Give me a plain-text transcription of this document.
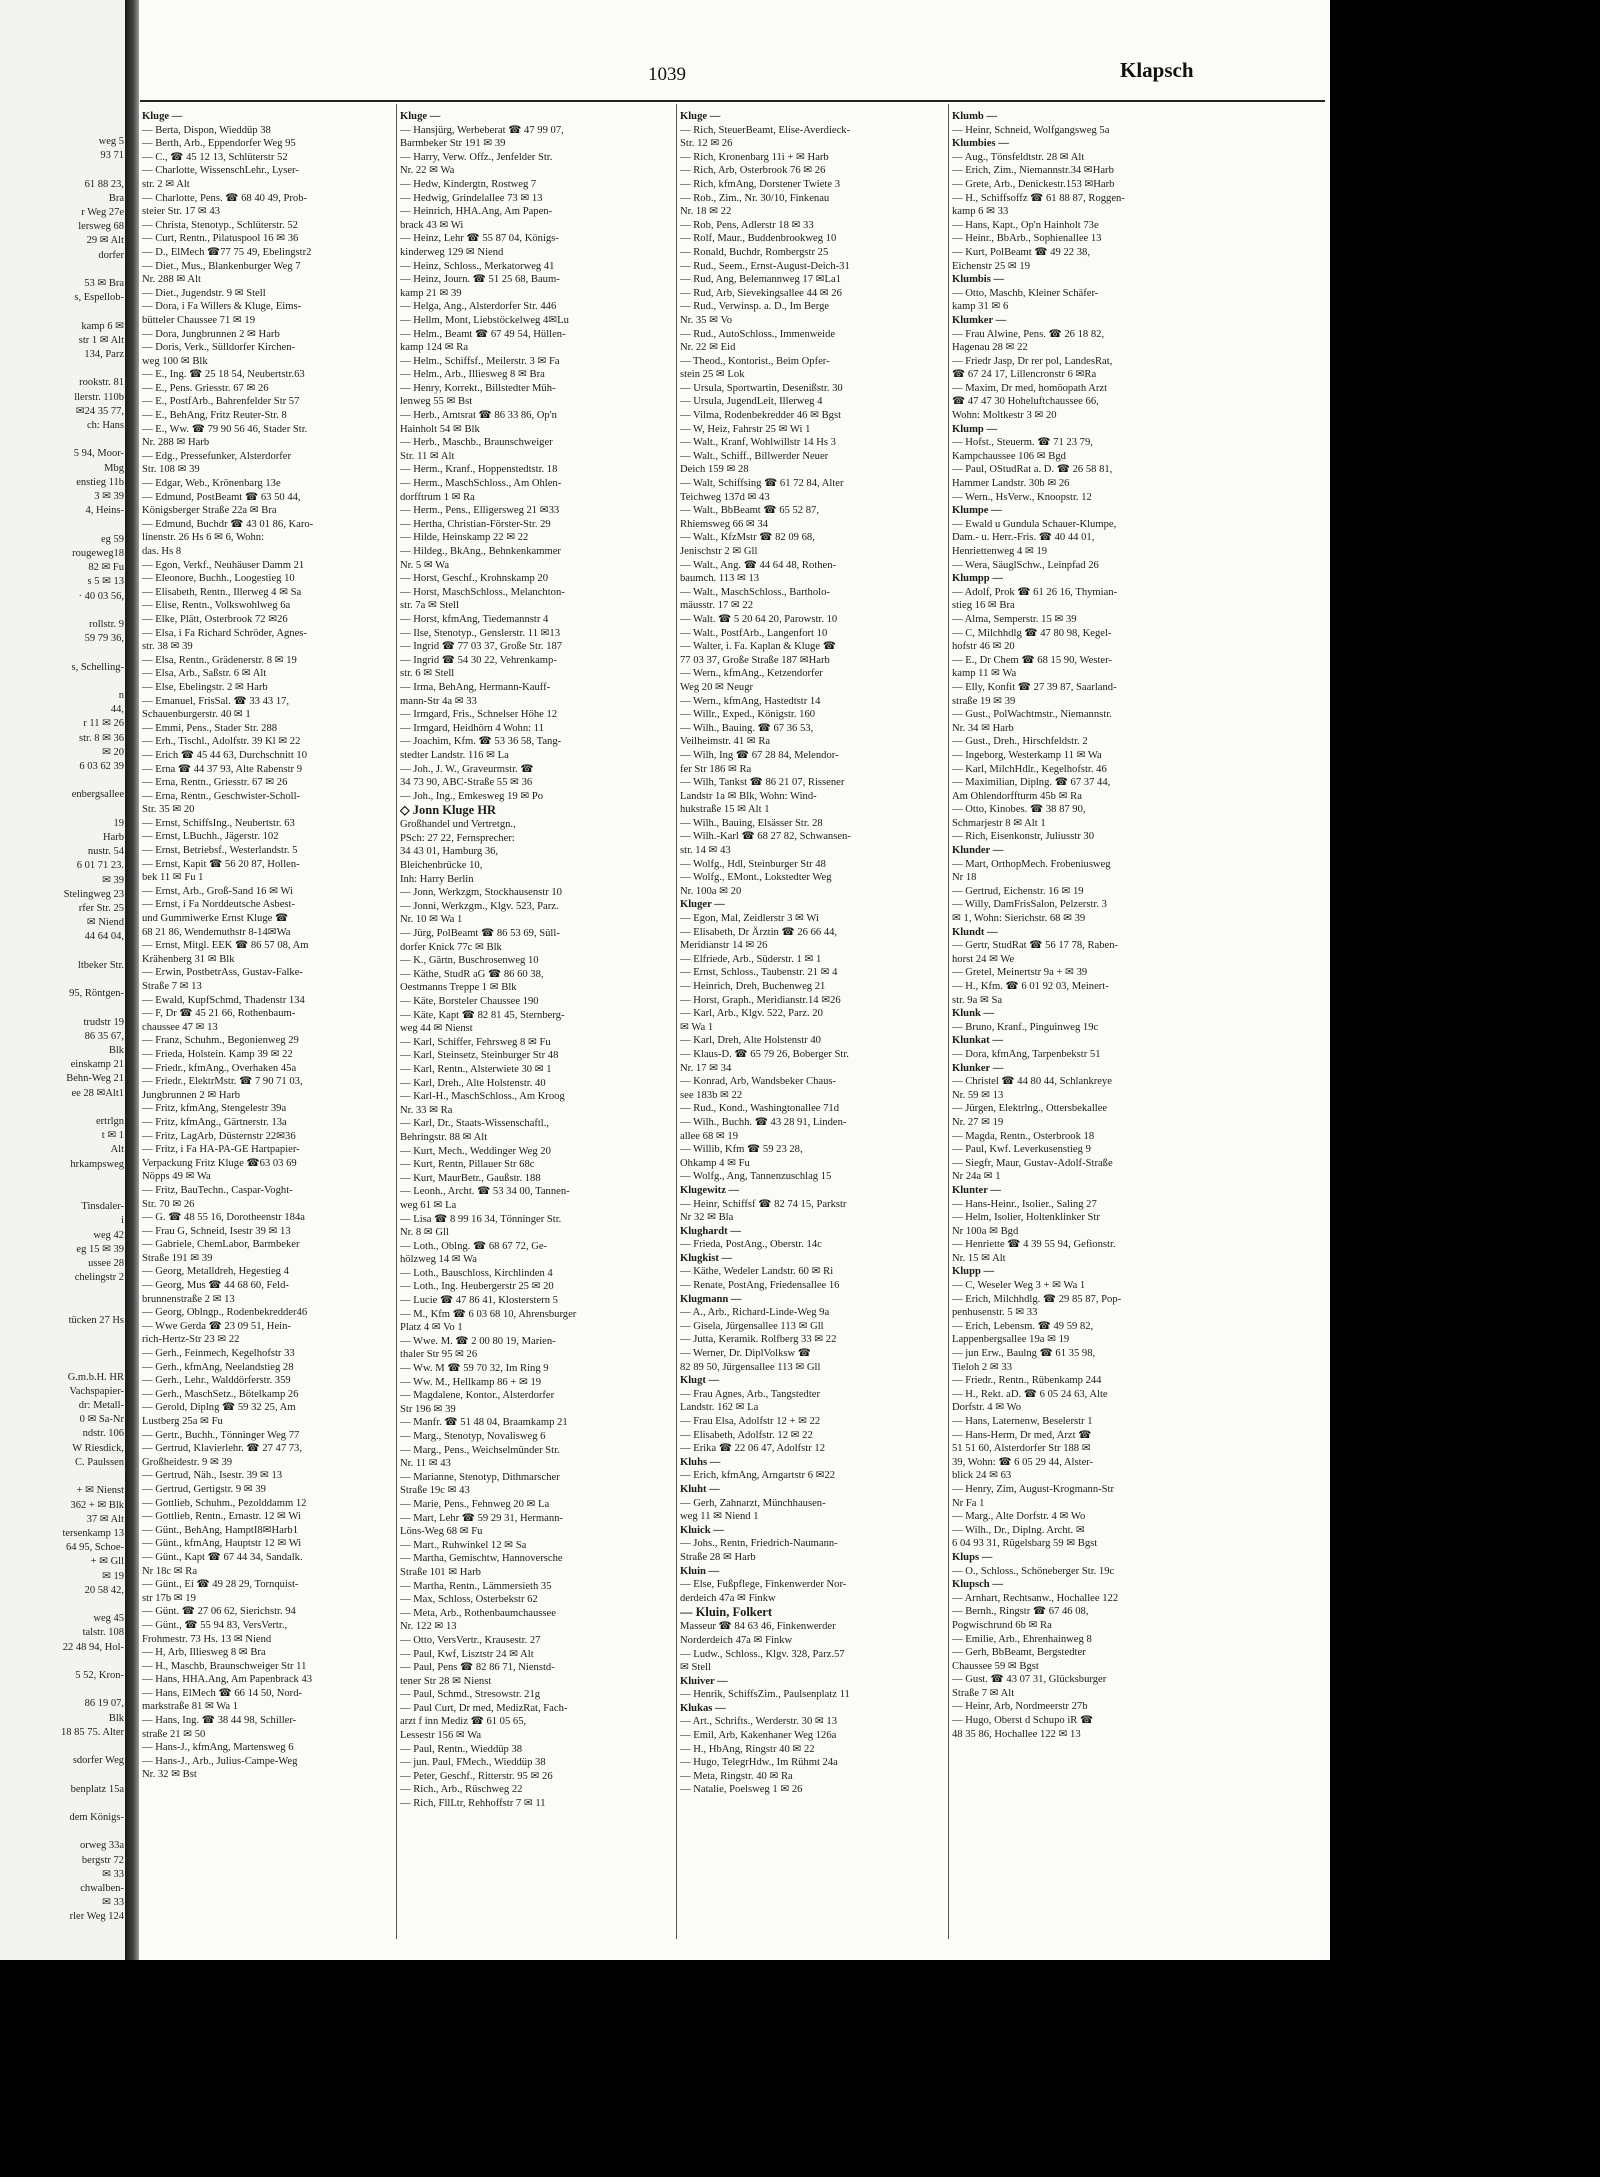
weg 5
93 71

61 88 23,
Bra
r Weg 27e
lersweg 68
29 ✉ Alt
dorfer

53 ✉ Bra
s, Espellob-

kamp 6 ✉
str 1 ✉ Alt
134, Parz

rookstr. 81
llerstr. 110b
✉24 35 77,
ch: Hans

5 94, Moor-
Mbg
enstieg 11b
3 ✉ 39
4, Heins-

eg 59
rougeweg18
82 ✉ Fu
s 5 ✉ 13
· 40 03 56,

rollstr. 9
59 79 36,

s, Schelling-

n
44,
r 11 ✉ 26
str. 8 ✉ 36
✉ 20
6 03 62 39

enbergsallee

19
Harb
nustr. 54
6 01 71 23.
✉ 39
Stelingweg 23
rfer Str. 25
✉ Niend
44 64 04,

ltbeker Str.

95, Röntgen-

trudstr 19
86 35 67,
Blk
einskamp 21
Behn-Weg 21
ee 28 ✉Alt1

ertrlgn
t ✉ 1
Alt
hrkampsweg

Tinsdaler-
i
weg 42
eg 15 ✉ 39
ussee 28
chelingstr 2

tücken 27 Hs

G.m.b.H. HR
Vachspapier-
dr: Metall-
0 ✉ Sa-Nr
ndstr. 106
W Riesdick,
C. Paulssen

+ ✉ Nienst
362 + ✉ Blk
37 ✉ Alt
tersenkamp 13
64 95, Schoe-
+ ✉ Gll
✉ 19
20 58 42,

weg 45
talstr. 108
22 48 94, Hol-

5 52, Kron-

86 19 07,
Blk
18 85 75. Alter

sdorfer Weg

benplatz 15a

dem Königs-

orweg 33a
bergstr 72
✉ 33
chwalben-
✉ 33
rler Weg 124
1039	Klapsch
Kluge —
— Berta, Dispon, Wieddüp 38
— Berth, Arb., Eppendorfer Weg 95
— C., ☎ 45 12 13, Schlüterstr 52
— Charlotte, WissenschLehr., Lyser-
str. 2 ✉ Alt
— Charlotte, Pens. ☎ 68 40 49, Prob-
steier Str. 17 ✉ 43
— Christa, Stenotyp., Schlüterstr. 52
— Curt, Rentn., Pilatuspool 16 ✉ 36
— D., ElMech ☎77 75 49, Ebelingstr2
— Diet., Mus., Blankenburger Weg 7
Nr. 288 ✉ Alt
— Diet., Jugendstr. 9 ✉ Stell
— Dora, i Fa Willers & Kluge, Eims-
bütteler Chaussee 71 ✉ 19
— Dora, Jungbrunnen 2 ✉ Harb
— Doris, Verk., Sülldorfer Kirchen-
weg 100 ✉ Blk
— E., Ing. ☎ 25 18 54, Neubertstr.63
— E., Pens. Griesstr. 67 ✉ 26
— E., PostfArb., Bahrenfelder Str 57
— E., BehAng, Fritz Reuter-Str. 8
— E., Ww. ☎ 79 90 56 46, Stader Str.
Nr. 288 ✉ Harb
— Edg., Pressefunker, Alsterdorfer
Str. 108 ✉ 39
— Edgar, Web., Krönenbarg 13e
— Edmund, PostBeamt ☎ 63 50 44,
Königsberger Straße 22a ✉ Bra
— Edmund, Buchdr ☎ 43 01 86, Karo-
linenstr. 26 Hs 6 ✉ 6, Wohn:
das. Hs 8
— Egon, Verkf., Neuhäuser Damm 21
— Eleonore, Buchh., Loogestieg 10
— Elisabeth, Rentn., Illerweg 4 ✉ Sa
— Elise, Rentn., Volkswohlweg 6a
— Elke, Plätt, Osterbrook 72 ✉26
— Elsa, i Fa Richard Schröder, Agnes-
str. 38 ✉ 39
— Elsa, Rentn., Grädenerstr. 8 ✉ 19
— Elsa, Arb., Saßstr. 6 ✉ Alt
— Else, Ebelingstr. 2 ✉ Harb
— Emanuel, FrisSal. ☎ 33 43 17,
Schauenburgerstr. 40 ✉ 1
— Emmi, Pens., Stader Str. 288
— Erh., Tischl., Adolfstr. 39 Kl ✉ 22
— Erich ☎ 45 44 63, Durchschnitt 10
— Erna ☎ 44 37 93, Alte Rabenstr 9
— Erna, Rentn., Griesstr. 67 ✉ 26
— Erna, Rentn., Geschwister-Scholl-
Str. 35 ✉ 20
— Ernst, SchiffsIng., Neubertstr. 63
— Ernst, LBuchh., Jägerstr. 102
— Ernst, Betriebsf., Westerlandstr. 5
— Ernst, Kapit ☎ 56 20 87, Hollen-
bek 11 ✉ Fu 1
— Ernst, Arb., Groß-Sand 16 ✉ Wi
— Ernst, i Fa Norddeutsche Asbest-
und Gummiwerke Ernst Kluge ☎
68 21 86, Wendemuthstr 8-14✉Wa
— Ernst, Mitgl. EEK ☎ 86 57 08, Am
Krähenberg 31 ✉ Blk
— Erwin, PostbetrAss, Gustav-Falke-
Straße 7 ✉ 13
— Ewald, KupfSchmd, Thadenstr 134
— F, Dr ☎ 45 21 66, Rothenbaum-
chaussee 47 ✉ 13
— Franz, Schuhm., Begonienweg 29
— Frieda, Holstein. Kamp 39 ✉ 22
— Friedr., kfmAng., Overhaken 45a
— Friedr., ElektrMstr. ☎ 7 90 71 03,
Jungbrunnen 2 ✉ Harb
— Fritz, kfmAng, Stengelestr 39a
— Fritz, kfmAng., Gärtnerstr. 13a
— Fritz, LagArb, Düsternstr 22✉36
— Fritz, i Fa HA-PA-GE Hartpapier-
Verpackung Fritz Kluge ☎63 03 69
Nöpps 49 ✉ Wa
— Fritz, BauTechn., Caspar-Voght-
Str. 70 ✉ 26
— G. ☎ 48 55 16, Dorotheenstr 184a
— Frau G, Schneid, Isestr 39 ✉ 13
— Gabriele, ChemLabor, Barmbeker
Straße 191 ✉ 39
— Georg, Metalldreh, Hegestieg 4
— Georg, Mus ☎ 44 68 60, Feld-
brunnenstraße 2 ✉ 13
— Georg, Oblngp., Rodenbekredder46
— Wwe Gerda ☎ 23 09 51, Hein-
rich-Hertz-Str 23 ✉ 22
— Gerh., Feinmech, Kegelhofstr 33
— Gerh., kfmAng, Neelandstieg 28
— Gerh., Lehr., Walddörferstr. 359
— Gerh., MaschSetz., Bötelkamp 26
— Gerold, Diplng ☎ 59 32 25, Am
Lustberg 25a ✉ Fu
— Gertr., Buchh., Tönninger Weg 77
— Gertrud, Klavierlehr. ☎ 27 47 73,
Großheidestr. 9 ✉ 39
— Gertrud, Näh., Isestr. 39 ✉ 13
— Gertrud, Gertigstr. 9 ✉ 39
— Gottlieb, Schuhm., Pezolddamm 12
— Gottlieb, Rentn., Ernastr. 12 ✉ Wi
— Günt., BehAng, HamptI8✉Harb1
— Günt., kfmAng, Hauptstr 12 ✉ Wi
— Günt., Kapt ☎ 67 44 34, Sandalk.
Nr 18c ✉ Ra
— Günt., Ei ☎ 49 28 29, Tornquist-
str 17b ✉ 19
— Günt. ☎ 27 06 62, Sierichstr. 94
— Günt., ☎ 55 94 83, VersVertr.,
Frohmestr. 73 Hs. 13 ✉ Niend
— H, Arb, Illiesweg 8 ✉ Bra
— H., Maschb, Braunschweiger Str 11
— Hans, HHA.Ang, Am Papenbrack 43
— Hans, ElMech ☎ 66 14 50, Nord-
markstraße 81 ✉ Wa 1
— Hans, Ing. ☎ 38 44 98, Schiller-
straße 21 ✉ 50
— Hans-J., kfmAng, Martensweg 6
— Hans-J., Arb., Julius-Campe-Weg
Nr. 32 ✉ Bst
Kluge —
— Hansjürg, Werbeberat ☎ 47 99 07,
Barmbeker Str 191 ✉ 39
— Harry, Verw. Offz., Jenfelder Str.
Nr. 22 ✉ Wa
— Hedw, Kindergtn, Rostweg 7
— Hedwig, Grindelallee 73 ✉ 13
— Heinrich, HHA.Ang, Am Papen-
brack 43 ✉ Wi
— Heinz, Lehr ☎ 55 87 04, Königs-
kinderweg 129 ✉ Niend
— Heinz, Schloss., Merkatorweg 41
— Heinz, Journ. ☎ 51 25 68, Baum-
kamp 21 ✉ 39
— Helga, Ang., Alsterdorfer Str. 446
— Hellm, Mont, Liebstöckelweg 4✉Lu
— Helm., Beamt ☎ 67 49 54, Hüllen-
kamp 124 ✉ Ra
— Helm., Schiffsf., Meilerstr. 3 ✉ Fa
— Helm., Arb., Illiesweg 8 ✉ Bra
— Henry, Korrekt., Billstedter Müh-
lenweg 55 ✉ Bst
— Herb., Amtsrat ☎ 86 33 86, Op'n
Hainholt 54 ✉ Blk
— Herb., Maschb., Braunschweiger
Str. 11 ✉ Alt
— Herm., Kranf., Hoppenstedtstr. 18
— Herm., MaschSchloss., Am Ohlen-
dorfftrum 1 ✉ Ra
— Herm., Pens., Elligersweg 21 ✉33
— Hertha, Christian-Förster-Str. 29
— Hilde, Heinskamp 22 ✉ 22
— Hildeg., BkAng., Behnkenkammer
Nr. 5 ✉ Wa
— Horst, Geschf., Krohnskamp 20
— Horst, MaschSchloss., Melanchton-
str. 7a ✉ Stell
— Horst, kfmAng, Tiedemannstr 4
— Ilse, Stenotyp., Genslerstr. 11 ✉13
— Ingrid ☎ 77 03 37, Große Str. 187
— Ingrid ☎ 54 30 22, Vehrenkamp-
str. 6 ✉ Stell
— Irma, BehAng, Hermann-Kauff-
mann-Str 4a ✉ 33
— Irmgard, Fris., Schnelser Höhe 12
— Irmgard, Heidhörn 4 Wohn: 11
— Joachim, Kfm. ☎ 53 36 58, Tang-
stedter Landstr. 116 ✉ La
— Joh., J. W., Graveurmstr. ☎
34 73 90, ABC-Straße 55 ✉ 36
— Joh., Ing., Emkesweg 19 ✉ Po
◇ Jonn Kluge HR
Großhandel und Vertretgn.,
PSch: 27 22, Fernsprecher:
34 43 01, Hamburg 36,
Bleichenbrücke 10,
Inh: Harry Berlin
— Jonn, Werkzgm, Stockhausenstr 10
— Jonni, Werkzgm., Klgv. 523, Parz.
Nr. 10 ✉ Wa 1
— Jürg, PolBeamt ☎ 86 53 69, Süll-
dorfer Knick 77c ✉ Blk
— K., Gärtn, Buschrosenweg 10
— Käthe, StudR aG ☎ 86 60 38,
Oestmanns Treppe 1 ✉ Blk
— Käte, Borsteler Chaussee 190
— Käte, Kapt ☎ 82 81 45, Sternberg-
weg 44 ✉ Nienst
— Karl, Schiffer, Fehrsweg 8 ✉ Fu
— Karl, Steinsetz, Steinburger Str 48
— Karl, Rentn., Alsterwiete 30 ✉ 1
— Karl, Dreh., Alte Holstenstr. 40
— Karl-H., MaschSchloss., Am Kroog
Nr. 33 ✉ Ra
— Karl, Dr., Staats-Wissenschaftl.,
Behringstr. 88 ✉ Alt
— Kurt, Mech., Weddinger Weg 20
— Kurt, Rentn, Pillauer Str 68c
— Kurt, MaurBetr., Gaußstr. 188
— Leonh., Archt. ☎ 53 34 00, Tannen-
weg 61 ✉ La
— Lisa ☎ 8 99 16 34, Tönninger Str.
Nr. 8 ✉ Gll
— Loth., Oblng. ☎ 68 67 72, Ge-
hölzweg 14 ✉ Wa
— Loth., Bauschloss, Kirchlinden 4
— Loth., Ing. Heubergerstr 25 ✉ 20
— Lucie ☎ 47 86 41, Klosterstern 5
— M., Kfm ☎ 6 03 68 10, Ahrensburger
Platz 4 ✉ Vo 1
— Wwe. M. ☎ 2 00 80 19, Marien-
thaler Str 95 ✉ 26
— Ww. M ☎ 59 70 32, Im Ring 9
— Ww. M., Hellkamp 86 + ✉ 19
— Magdalene, Kontor., Alsterdorfer
Str 196 ✉ 39
— Manfr. ☎ 51 48 04, Braamkamp 21
— Marg., Stenotyp, Novalisweg 6
— Marg., Pens., Weichselmünder Str.
Nr. 11 ✉ 43
— Marianne, Stenotyp, Dithmarscher
Straße 19c ✉ 43
— Marie, Pens., Fehnweg 20 ✉ La
— Mart, Lehr ☎ 59 29 31, Hermann-
Löns-Weg 68 ✉ Fu
— Mart., Ruhwinkel 12 ✉ Sa
— Martha, Gemischtw, Hannoversche
Straße 101 ✉ Harb
— Martha, Rentn., Lämmersieth 35
— Max, Schloss, Osterbekstr 62
— Meta, Arb., Rothenbaumchaussee
Nr. 122 ✉ 13
— Otto, VersVertr., Krausestr. 27
— Paul, Kwf, Lisztstr 24 ✉ Alt
— Paul, Pens ☎ 82 86 71, Nienstd-
tener Str 28 ✉ Nienst
— Paul, Schmd., Stresowstr. 21g
— Paul Curt, Dr med, MedizRat, Fach-
arzt f inn Mediz ☎ 61 05 65,
Lessestr 156 ✉ Wa
— Paul, Rentn., Wieddüp 38
— jun. Paul, FMech., Wieddüp 38
— Peter, Geschf., Ritterstr. 95 ✉ 26
— Rich., Arb., Rüschweg 22
— Rich, FllLtr, Rehhoffstr 7 ✉ 11
Kluge —
— Rich, SteuerBeamt, Elise-Averdieck-
Str. 12 ✉ 26
— Rich, Kronenbarg 11i + ✉ Harb
— Rich, Arb, Osterbrook 76 ✉ 26
— Rich, kfmAng, Dorstener Twiete 3
— Rob., Zim., Nr. 30/10, Finkenau
Nr. 18 ✉ 22
— Rob, Pens, Adlerstr 18 ✉ 33
— Rolf, Maur., Buddenbrookweg 10
— Ronald, Buchdr, Rombergstr 25
— Rud., Seem., Ernst-August-Deich-31
— Rud, Ang, Belemannweg 17 ✉La1
— Rud, Arb, Sievekingsallee 44 ✉ 26
— Rud., Verwinsp. a. D., Im Berge
Nr. 35 ✉ Vo
— Rud., AutoSchloss., Immenweide
Nr. 22 ✉ Eid
— Theod., Kontorist., Beim Opfer-
stein 25 ✉ Lok
— Ursula, Sportwartin, Desenißstr. 30
— Ursula, JugendLeit, Illerweg 4
— Vilma, Rodenbekredder 46 ✉ Bgst
— W, Heiz, Fahrstr 25 ✉ Wi 1
— Walt., Kranf, Wohlwillstr 14 Hs 3
— Walt., Schiff., Billwerder Neuer
Deich 159 ✉ 28
— Walt, Schiffsing ☎ 61 72 84, Alter
Teichweg 137d ✉ 43
— Walt., BbBeamt ☎ 65 52 87,
Rhiemsweg 66 ✉ 34
— Walt., KfzMstr ☎ 82 09 68,
Jenischstr 2 ✉ Gll
— Walt., Ang. ☎ 44 64 48, Rothen-
baumch. 113 ✉ 13
— Walt., MaschSchloss., Bartholo-
mäusstr. 17 ✉ 22
— Walt. ☎ 5 20 64 20, Parowstr. 10
— Walt., PostfArb., Langenfort 10
— Walter, i. Fa. Kaplan & Kluge ☎
77 03 37, Große Straße 187 ✉Harb
— Wern., kfmAng., Ketzendorfer
Weg 20 ✉ Neugr
— Wern., kfmAng, Hastedtstr 14
— Willr., Exped., Königstr. 160
— Wilh., Bauing. ☎ 67 36 53,
Veilheimstr. 41 ✉ Ra
— Wilh, Ing ☎ 67 28 84, Melendor-
fer Str 186 ✉ Ra
— Wilh, Tankst ☎ 86 21 07, Rissener
Landstr 1a ✉ Blk, Wohn: Wind-
hukstraße 15 ✉ Alt 1
— Wilh., Bauing, Elsässer Str. 28
— Wilh.-Karl ☎ 68 27 82, Schwansen-
str. 14 ✉ 43
— Wolfg., Hdl, Steinburger Str 48
— Wolfg., EMont., Lokstedter Weg
Nr. 100a ✉ 20
Kluger —
— Egon, Mal, Zeidlerstr 3 ✉ Wi
— Elisabeth, Dr Ärztin ☎ 26 66 44,
Meridianstr 14 ✉ 26
— Elfriede, Arb., Süderstr. 1 ✉ 1
— Ernst, Schloss., Taubenstr. 21 ✉ 4
— Heinrich, Dreh, Buchenweg 21
— Horst, Graph., Meridianstr.14 ✉26
— Karl, Arb., Klgv. 522, Parz. 20
✉ Wa 1
— Karl, Dreh, Alte Holstenstr 40
— Klaus-D. ☎ 65 79 26, Boberger Str.
Nr. 17 ✉ 34
— Konrad, Arb, Wandsbeker Chaus-
see 183b ✉ 22
— Rud., Kond., Washingtonallee 71d
— Wilh., Buchh. ☎ 43 28 91, Linden-
allee 68 ✉ 19
— Willib, Kfm ☎ 59 23 28,
Ohkamp 4 ✉ Fu
— Wolfg., Ang, Tannenzuschlag 15
Klugewitz —
— Heinr, Schiffsf ☎ 82 74 15, Parkstr
Nr 32 ✉ Bla
Klughardt —
— Frieda, PostAng., Oberstr. 14c
Klugkist —
— Käthe, Wedeler Landstr. 60 ✉ Ri
— Renate, PostAng, Friedensallee 16
Klugmann —
— A., Arb., Richard-Linde-Weg 9a
— Gisela, Jürgensallee 113 ✉ Gll
— Jutta, Keramik. Rolfberg 33 ✉ 22
— Werner, Dr. DiplVolksw ☎
82 89 50, Jürgensallee 113 ✉ Gll
Klugt —
— Frau Agnes, Arb., Tangstedter
Landstr. 162 ✉ La
— Frau Elsa, Adolfstr 12 + ✉ 22
— Elisabeth, Adolfstr. 12 ✉ 22
— Erika ☎ 22 06 47, Adolfstr 12
Kluhs —
— Erich, kfmAng, Arngartstr 6 ✉22
Kluht —
— Gerh, Zahnarzt, Münchhausen-
weg 11 ✉ Niend 1
Kluick —
— Johs., Rentn, Friedrich-Naumann-
Straße 28 ✉ Harb
Kluin —
— Else, Fußpflege, Finkenwerder Nor-
derdeich 47a ✉ Finkw
— Kluin, Folkert
Masseur ☎ 84 63 46, Finkenwerder
Norderdeich 47a ✉ Finkw
— Ludw., Schloss., Klgv. 328, Parz.57
✉ Stell
Kluiver —
— Henrik, SchiffsZim., Paulsenplatz 11
Klukas —
— Art., Schrifts., Werderstr. 30 ✉ 13
— Emil, Arb, Kakenhaner Weg 126a
— H., HbAng, Ringstr 40 ✉ 22
— Hugo, TelegrHdw., Im Rühmt 24a
— Meta, Ringstr. 40 ✉ Ra
— Natalie, Poelsweg 1 ✉ 26
Klumb —
— Heinr, Schneid, Wolfgangsweg 5a
Klumbies —
— Aug., Tönsfeldtstr. 28 ✉ Alt
— Erich, Zim., Niemannstr.34 ✉Harb
— Grete, Arb., Denickestr.153 ✉Harb
— H., Schiffsoffz ☎ 61 88 87, Roggen-
kamp 6 ✉ 33
— Hans, Kapt., Op'n Hainholt 73e
— Heinr., BbArb., Sophienallee 13
— Kurt, PolBeamt ☎ 49 22 38,
Eichenstr 25 ✉ 19
Klumbis —
— Otto, Maschb, Kleiner Schäfer-
kamp 31 ✉ 6
Klumker —
— Frau Alwine, Pens. ☎ 26 18 82,
Hagenau 28 ✉ 22
— Friedr Jasp, Dr rer pol, LandesRat,
☎ 67 24 17, Lillencronstr 6 ✉Ra
— Maxim, Dr med, homöopath Arzt
☎ 47 47 30 Hoheluftchaussee 66,
Wohn: Moltkestr 3 ✉ 20
Klump —
— Hofst., Steuerm. ☎ 71 23 79,
Kampchaussee 106 ✉ Bgd
— Paul, OStudRat a. D. ☎ 26 58 81,
Hammer Landstr. 30b ✉ 26
— Wern., HsVerw., Knoopstr. 12
Klumpe —
— Ewald u Gundula Schauer-Klumpe,
Dam.- u. Herr.-Fris. ☎ 40 44 01,
Henriettenweg 4 ✉ 19
— Wera, SäuglSchw., Leinpfad 26
Klumpp —
— Adolf, Prok ☎ 61 26 16, Thymian-
stieg 16 ✉ Bra
— Alma, Semperstr. 15 ✉ 39
— C, Milchhdlg ☎ 47 80 98, Kegel-
hofstr 46 ✉ 20
— E., Dr Chem ☎ 68 15 90, Wester-
kamp 11 ✉ Wa
— Elly, Konfit ☎ 27 39 87, Saarland-
straße 19 ✉ 39
— Gust., PolWachtmstr., Niemannstr.
Nr. 34 ✉ Harb
— Gust., Dreh., Hirschfeldstr. 2
— Ingeborg, Westerkamp 11 ✉ Wa
— Karl, MilchHdlr., Kegelhofstr. 46
— Maximilian, Diplng. ☎ 67 37 44,
Am Ohlendorffturm 45b ✉ Ra
— Otto, Kinobes. ☎ 38 87 90,
Schmarjestr 8 ✉ Alt 1
— Rich, Eisenkonstr, Juliusstr 30
Klunder —
— Mart, OrthopMech. Frobeniusweg
Nr 18
— Gertrud, Eichenstr. 16 ✉ 19
— Willy, DamFrisSalon, Pelzerstr. 3
✉ 1, Wohn: Sierichstr. 68 ✉ 39
Klundt —
— Gertr, StudRat ☎ 56 17 78, Raben-
horst 24 ✉ We
— Gretel, Meinertstr 9a + ✉ 39
— H., Kfm. ☎ 6 01 92 03, Meinert-
str. 9a ✉ Sa
Klunk —
— Bruno, Kranf., Pinguinweg 19c
Klunkat —
— Dora, kfmAng, Tarpenbekstr 51
Klunker —
— Christel ☎ 44 80 44, Schlankreye
Nr. 59 ✉ 13
— Jürgen, Elektrlng., Ottersbekallee
Nr. 27 ✉ 19
— Magda, Rentn., Osterbrook 18
— Paul, Kwf. Leverkusenstieg 9
— Siegfr, Maur, Gustav-Adolf-Straße
Nr 24a ✉ 1
Klunter —
— Hans-Heinr., Isolier., Saling 27
— Helm, Isolier, Holtenklinker Str
Nr 100a ✉ Bgd
— Henriette ☎ 4 39 55 94, Gefionstr.
Nr. 15 ✉ Alt
Klupp —
— C, Weseler Weg 3 + ✉ Wa 1
— Erich, Milchhdlg. ☎ 29 85 87, Pop-
penhusenstr. 5 ✉ 33
— Erich, Lebensm. ☎ 49 59 82,
Lappenbergsallee 19a ✉ 19
— jun Erw., Baulng ☎ 61 35 98,
Tieloh 2 ✉ 33
— Friedr., Rentn., Rübenkamp 244
— H., Rekt. aD. ☎ 6 05 24 63, Alte
Dorfstr. 4 ✉ Wo
— Hans, Laternenw, Beselerstr 1
— Hans-Herm, Dr med, Arzt ☎
51 51 60, Alsterdorfer Str 188 ✉
39, Wohn: ☎ 6 05 29 44, Alster-
blick 24 ✉ 63
— Henry, Zim, August-Krogmann-Str
Nr Fa 1
— Marg., Alte Dorfstr. 4 ✉ Wo
— Wilh., Dr., Diplng. Archt. ✉
6 04 93 31, Rügelsbarg 59 ✉ Bgst
Klups —
— O., Schloss., Schöneberger Str. 19c
Klupsch —
— Arnhart, Rechtsanw., Hochallee 122
— Bernh., Ringstr ☎ 67 46 08,
Pogwischrund 6b ✉ Ra
— Emilie, Arb., Ehrenhainweg 8
— Gerh, BbBeamt, Bergstedter
Chaussee 59 ✉ Bgst
— Gust. ☎ 43 07 31, Glücksburger
Straße 7 ✉ Alt
— Heinr, Arb, Nordmeerstr 27b
— Hugo, Oberst d Schupo iR ☎
48 35 86, Hochallee 122 ✉ 13
